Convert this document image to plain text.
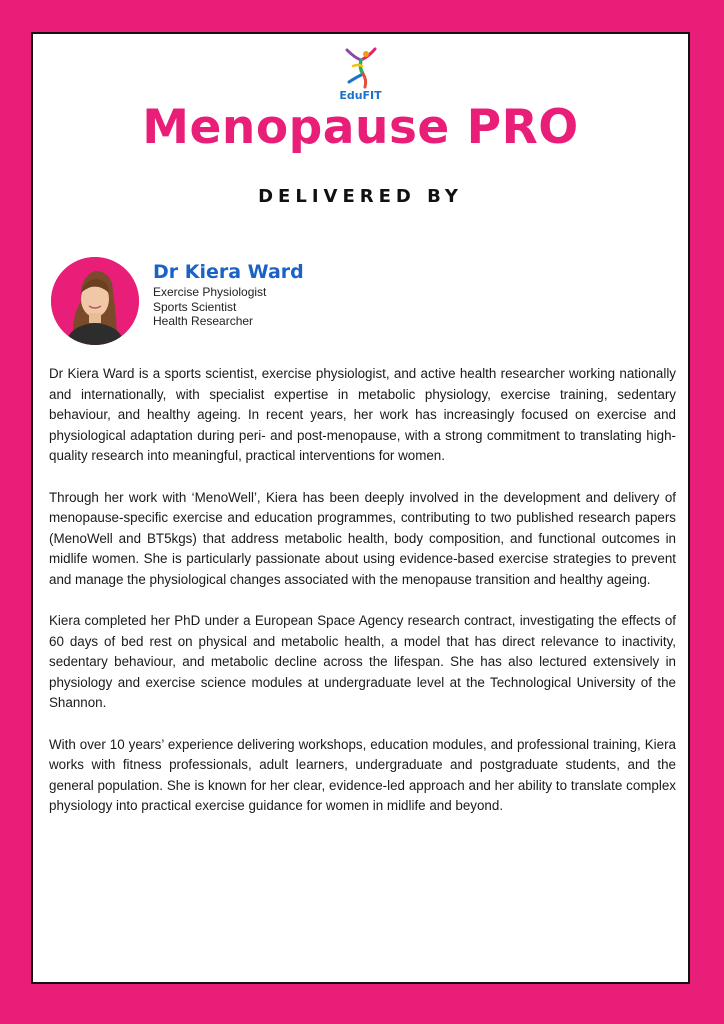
EduFIT
Menopause PRO
DELIVERED BY
Dr Kiera Ward
Exercise Physiologist
Sports Scientist
Health Researcher

Dr Kiera Ward is a sports scientist, exercise physiologist, and active health researcher working nationally and internationally, with specialist expertise in metabolic physiology, exercise training, sedentary behaviour, and healthy ageing. In recent years, her work has increasingly focused on exercise and physiological adaptation during peri- and post-menopause, with a strong commitment to translating high-quality research into meaningful, practical interventions for women.

Through her work with ‘MenoWell’, Kiera has been deeply involved in the development and delivery of menopause-specific exercise and education programmes, contributing to two published research papers (MenoWell and BT5kgs) that address metabolic health, body composition, and functional outcomes in midlife women. She is particularly passionate about using evidence-based exercise strategies to prevent and manage the physiological changes associated with the menopause transition and healthy ageing.

Kiera completed her PhD under a European Space Agency research contract, investigating the effects of 60 days of bed rest on physical and metabolic health, a model that has direct relevance to inactivity, sedentary behaviour, and metabolic decline across the lifespan. She has also lectured extensively in physiology and exercise science modules at undergraduate level at the Technological University of the Shannon.

With over 10 years’ experience delivering workshops, education modules, and professional training, Kiera works with fitness professionals, adult learners, undergraduate and postgraduate students, and the general population. She is known for her clear, evidence-led approach and her ability to translate complex physiology into practical exercise guidance for women in midlife and beyond.
